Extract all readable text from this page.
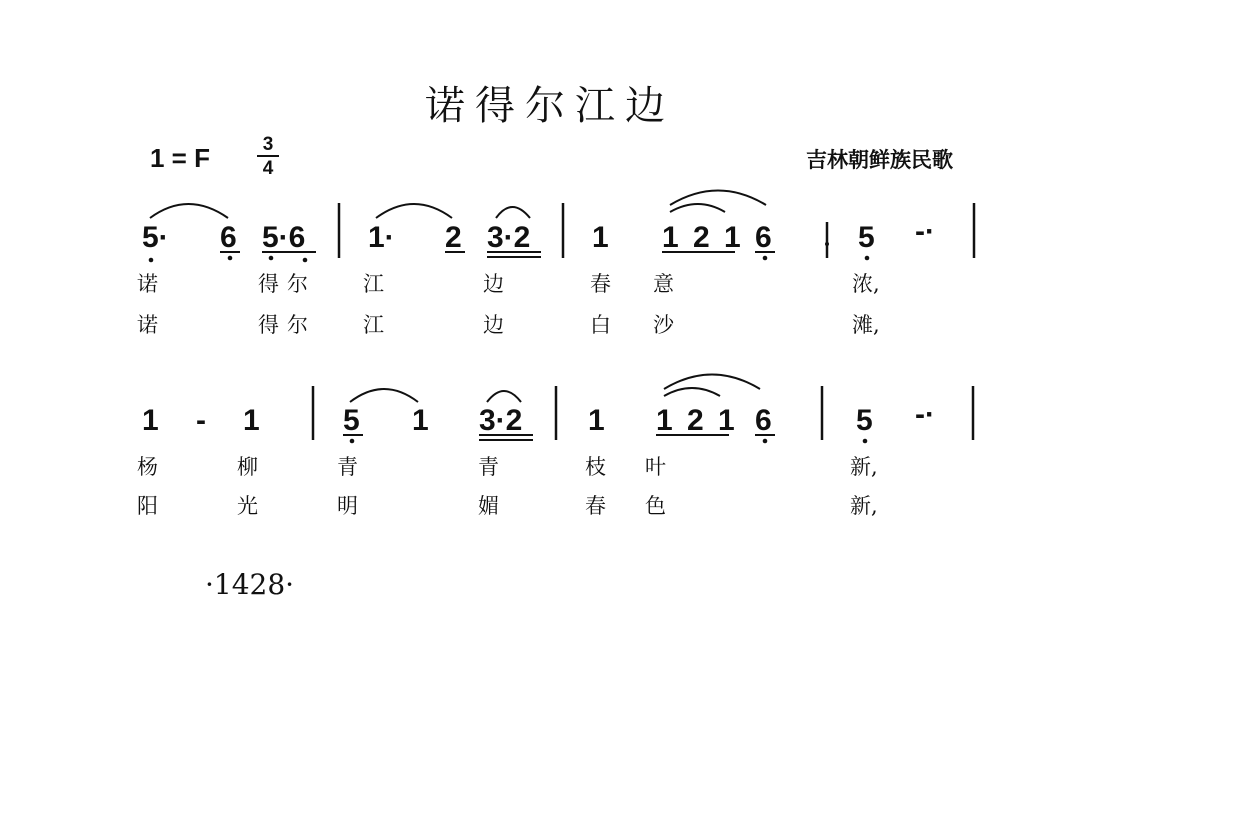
诺得尔江边
1 = F	3
4	吉林朝鲜族民歌
5· 6 5·6 1· 2 3·2 1 1 2 1 6	5 -·
诺	得尔 江	边	春 意	浓,
诺	得尔 江	边	白 沙	滩,
1 - 1	5 1 3·2 1 1 2 1 6	5 -·
杨	柳	青	青	枝 叶	新,
阳	光	明	媚	春 色	新,
·1428·
